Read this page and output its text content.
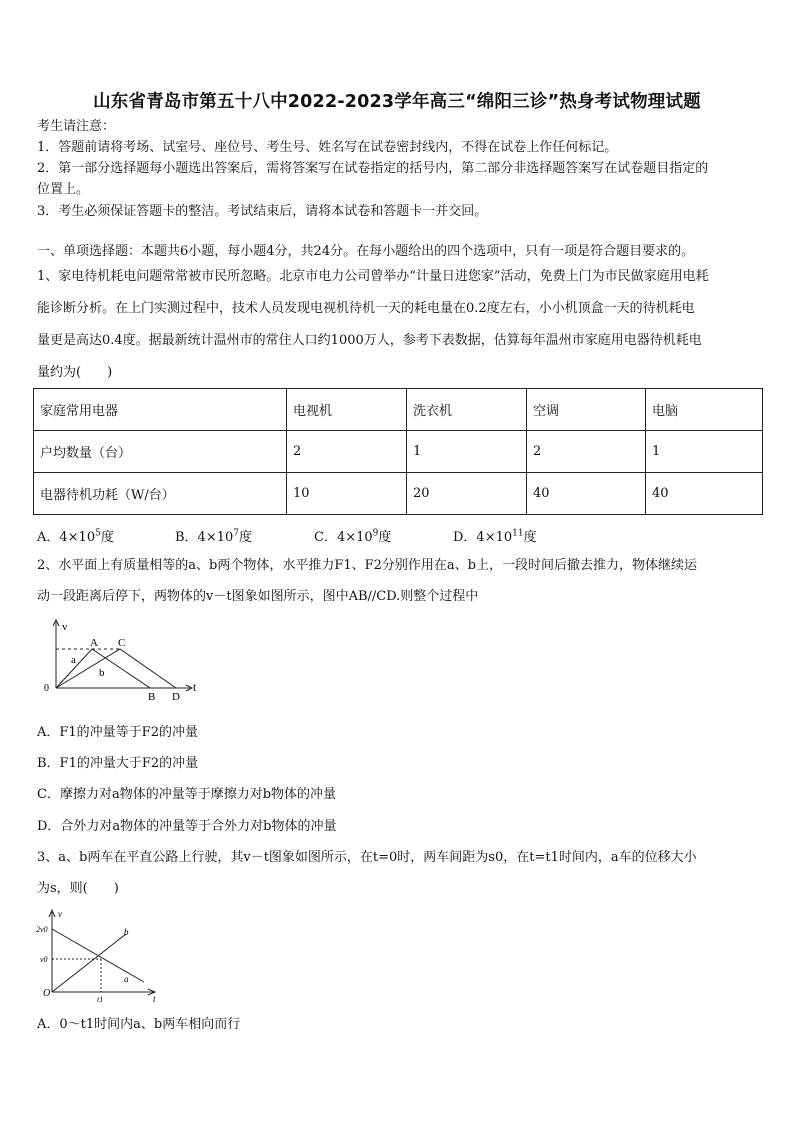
山东省青岛市第五十八中2022-2023学年高三“绵阳三诊”热身考试物理试题
考生请注意：
1．答题前请将考场、试室号、座位号、考生号、姓名写在试卷密封线内，不得在试卷上作任何标记。
2．第一部分选择题每小题选出答案后，需将答案写在试卷指定的括号内，第二部分非选择题答案写在试卷题目指定的
位置上。
3．考生必须保证答题卡的整洁。考试结束后，请将本试卷和答题卡一并交回。
一、单项选择题：本题共6小题，每小题4分，共24分。在每小题给出的四个选项中，只有一项是符合题目要求的。
1、家电待机耗电问题常常被市民所忽略。北京市电力公司曾举办“计量日进您家”活动，免费上门为市民做家庭用电耗
能诊断分析。在上门实测过程中，技术人员发现电视机待机一天的耗电量在0.2度左右，小小机顶盒一天的待机耗电
量更是高达0.4度。据最新统计温州市的常住人口约1000万人，参考下表数据，估算每年温州市家庭用电器待机耗电
量约为(　　)
家庭常用电器	电视机	洗衣机	空调	电脑
户均数量（台）	2	1	2	1
电器待机功耗（W/台）	10	20	40	40
A．$4\times 10^5$度	B．$4\times 10^7$度	C．$4\times 10^9$度	D．$4\times 10^{11}$度
2、水平面上有质量相等的a、b两个物体，水平推力F1、F2分别作用在a、b上，一段时间后撤去推力，物体继续运
动一段距离后停下，两物体的v－t图象如图所示，图中AB//CD.则整个过程中
v
t
0
A C
B D
a
b
A．F1的冲量等于F2的冲量
B．F1的冲量大于F2的冲量
C．摩擦力对a物体的冲量等于摩擦力对b物体的冲量
D．合外力对a物体的冲量等于合外力对b物体的冲量
3、a、b两车在平直公路上行驶，其v－t图象如图所示，在t=0时，两车间距为s0，在t=t1时间内，a车的位移大小
为s，则(　　)
v
t
O
2v0
v0
t1
b
a
A．0～t1时间内a、b两车相向而行
